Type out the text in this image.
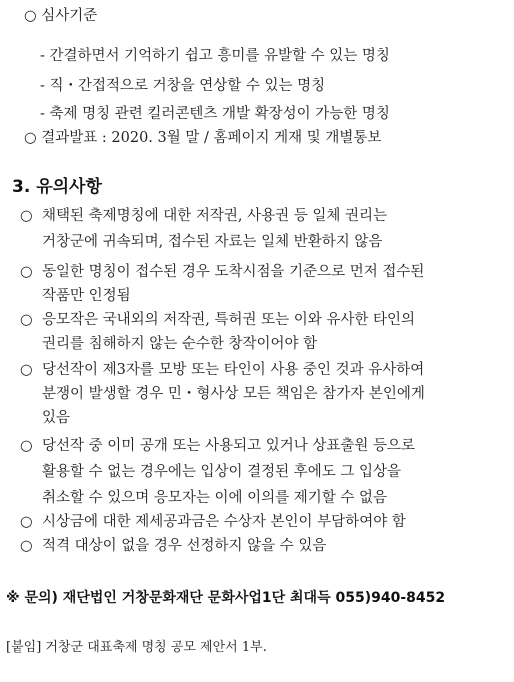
○ 심사기준
- 간결하면서 기억하기 쉽고 흥미를 유발할 수 있는 명칭
- 직・간접적으로 거창을 연상할 수 있는 명칭
- 축제 명칭 관련 킬러콘텐츠 개발 확장성이 가능한 명칭
○ 결과발표 : 2020. 3월 말 / 홈페이지 게재 및 개별통보
3. 유의사항
○ 채택된 축제명칭에 대한 저작권, 사용권 등 일체 권리는
거창군에 귀속되며, 접수된 자료는 일체 반환하지 않음
○ 동일한 명칭이 접수된 경우 도착시점을 기준으로 먼저 접수된
작품만 인정됨
○ 응모작은 국내외의 저작권, 특허권 또는 이와 유사한 타인의
권리를 침해하지 않는 순수한 창작이어야 함
○ 당선작이 제3자를 모방 또는 타인이 사용 중인 것과 유사하여
분쟁이 발생할 경우 민・형사상 모든 책임은 참가자 본인에게
있음
○ 당선작 중 이미 공개 또는 사용되고 있거나 상표출원 등으로
활용할 수 없는 경우에는 입상이 결정된 후에도 그 입상을
취소할 수 있으며 응모자는 이에 이의를 제기할 수 없음
○ 시상금에 대한 제세공과금은 수상자 본인이 부담하여야 함
○ 적격 대상이 없을 경우 선정하지 않을 수 있음
※ 문의) 재단법인 거창문화재단 문화사업1단 최대득 055)940-8452
[붙임] 거창군 대표축제 명칭 공모 제안서 1부.
